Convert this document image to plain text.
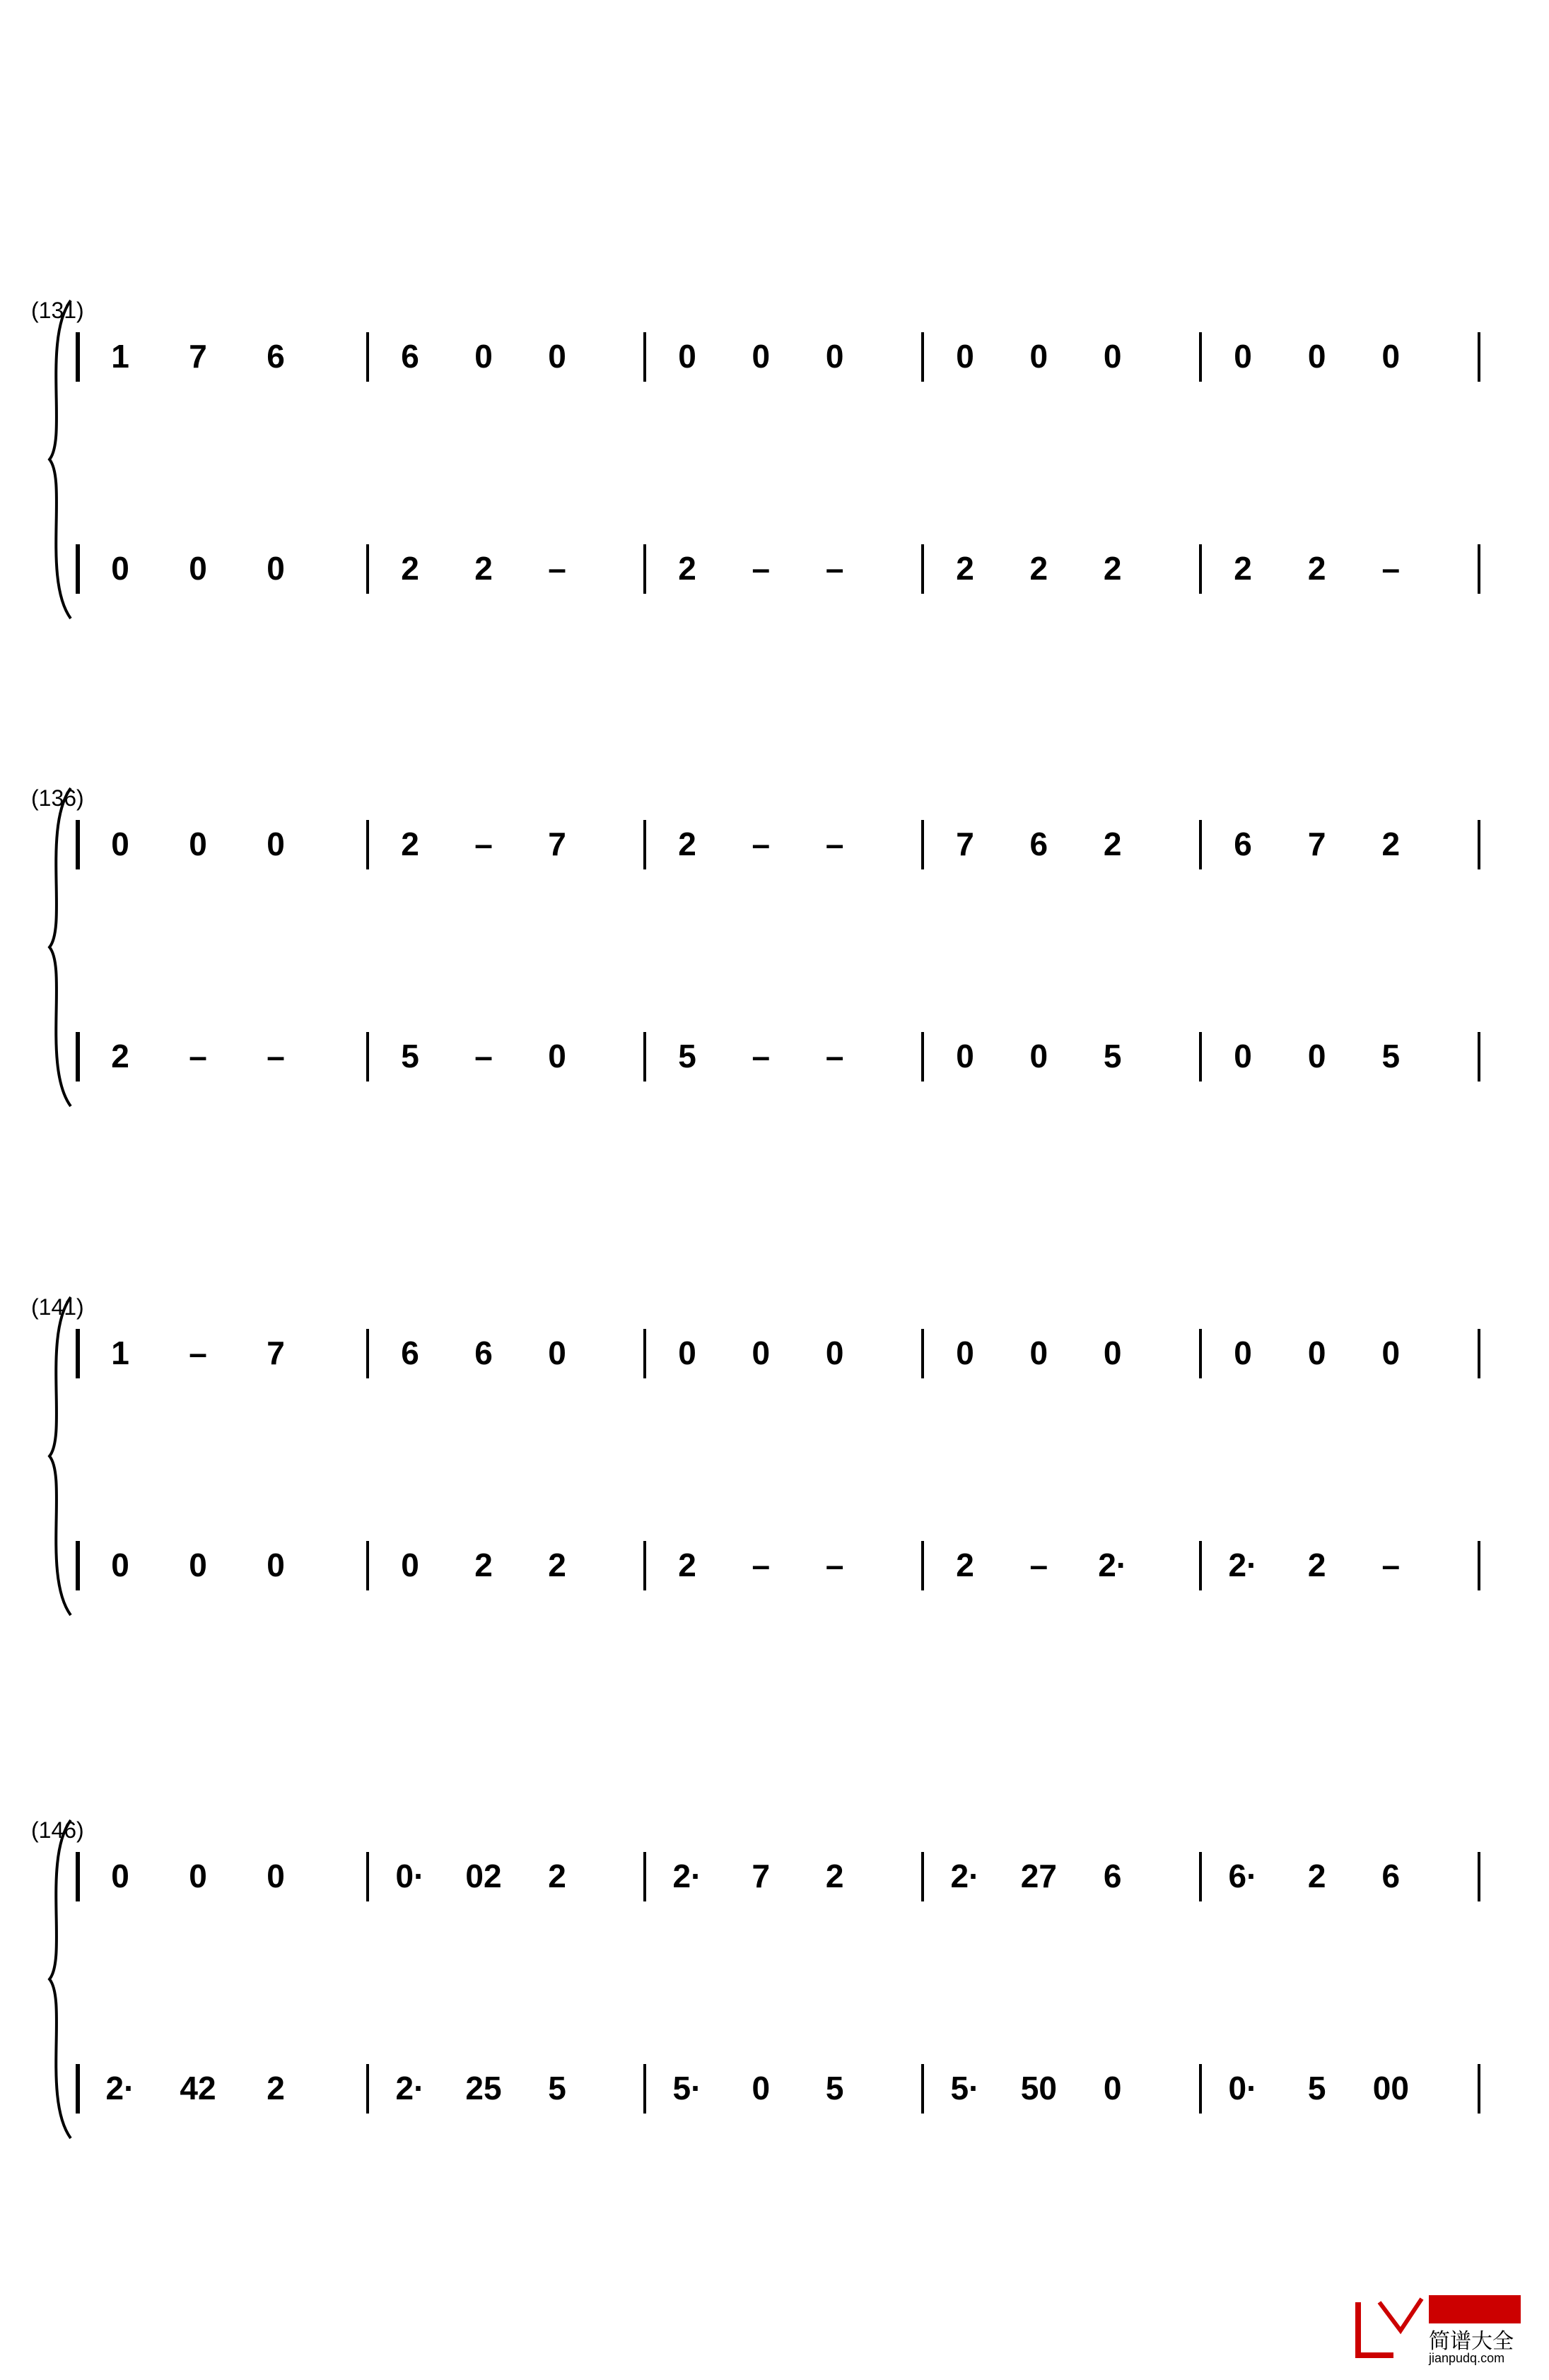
(131)
1 7 6	6 0 0	0 0 0	0 0 0	0 0 0
0 0 0	2 2 –	2 – –	2 2 2	2 2 –
(136)
0 0 0	2 – 7	2 – –	7 6 2	6 7 2
2 – –	5 – 0	5 – –	0 0 5	0 0 5
(141)
1 – 7	6 6 0	0 0 0	0 0 0	0 0 0
0 0 0	0 2 2	2 – –	2 – 2·	2· 2 –
(146)
0 0 0	0· 02 2	2· 7 2	2· 27 6	6· 2 6
2· 42 2	2· 25 5	5· 0 5	5· 50 0	0· 5 00
简谱大全
jianpudq.com
